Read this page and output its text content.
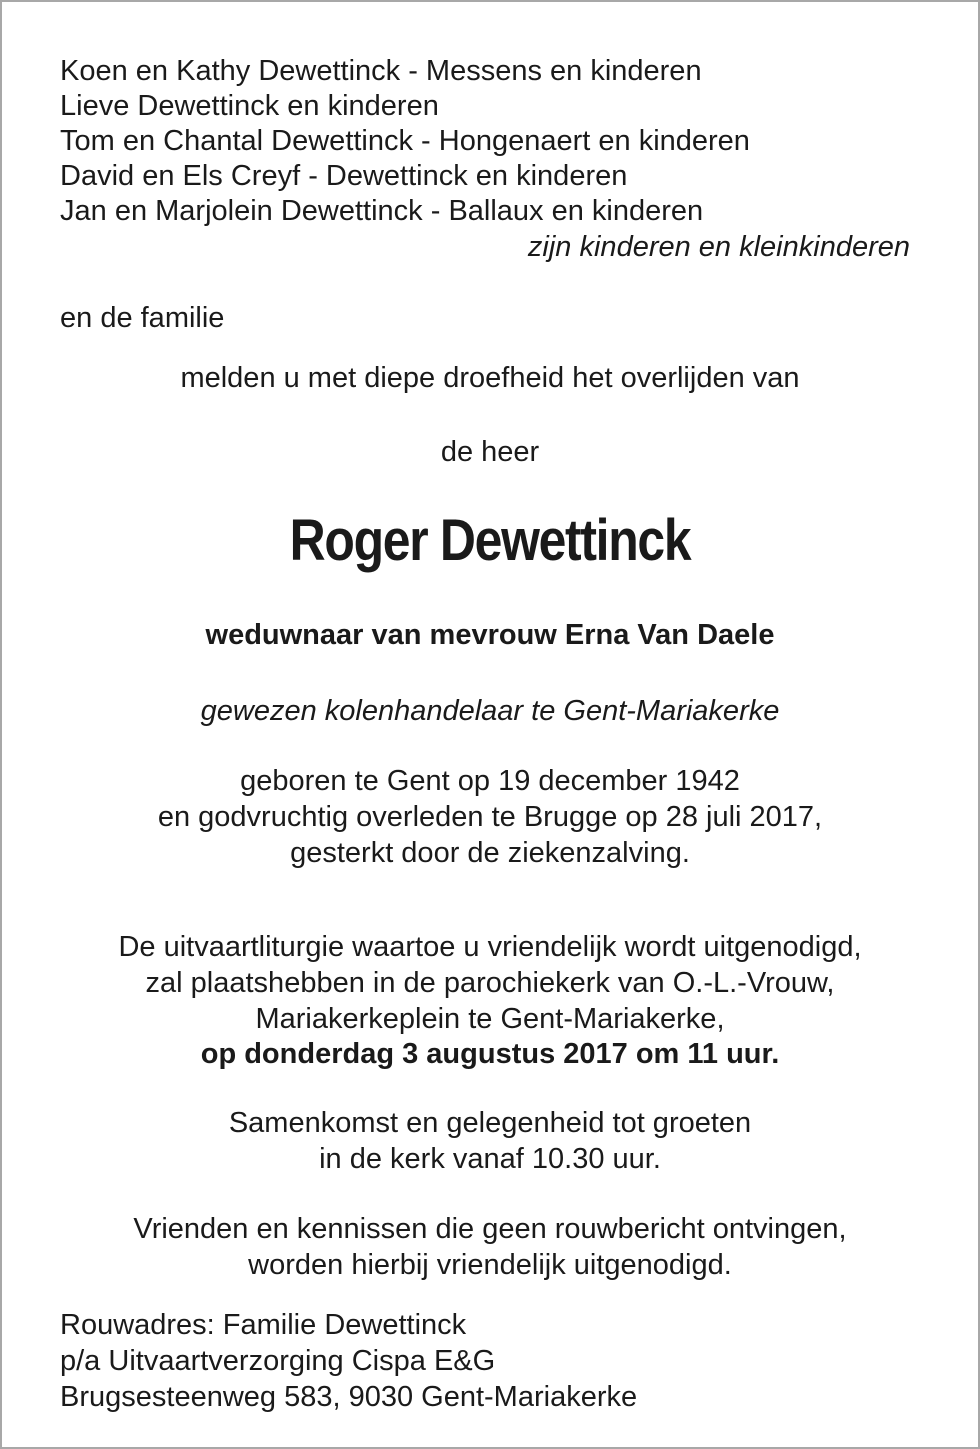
Koen en Kathy Dewettinck - Messens en kinderen

Lieve Dewettinck en kinderen

Tom en Chantal Dewettinck - Hongenaert en kinderen

David en Els Creyf - Dewettinck en kinderen

Jan en Marjolein Dewettinck - Ballaux en kinderen

zijn kinderen en kleinkinderen

en de familie

melden u met diepe droefheid het overlijden van

de heer

Roger Dewettinck

weduwnaar van mevrouw Erna Van Daele

gewezen kolenhandelaar te Gent-Mariakerke

geboren te Gent op 19 december 1942

en godvruchtig overleden te Brugge op 28 juli 2017,

gesterkt door de ziekenzalving.

De uitvaartliturgie waartoe u vriendelijk wordt uitgenodigd,

zal plaatshebben in de parochiekerk van O.-L.-Vrouw,

Mariakerkeplein te Gent-Mariakerke,

op donderdag 3 augustus 2017 om 11 uur.

Samenkomst en gelegenheid tot groeten

in de kerk vanaf 10.30 uur.

Vrienden en kennissen die geen rouwbericht ontvingen,

worden hierbij vriendelijk uitgenodigd.

Rouwadres: Familie Dewettinck

p/a Uitvaartverzorging Cispa E&G

Brugsesteenweg 583, 9030 Gent-Mariakerke
